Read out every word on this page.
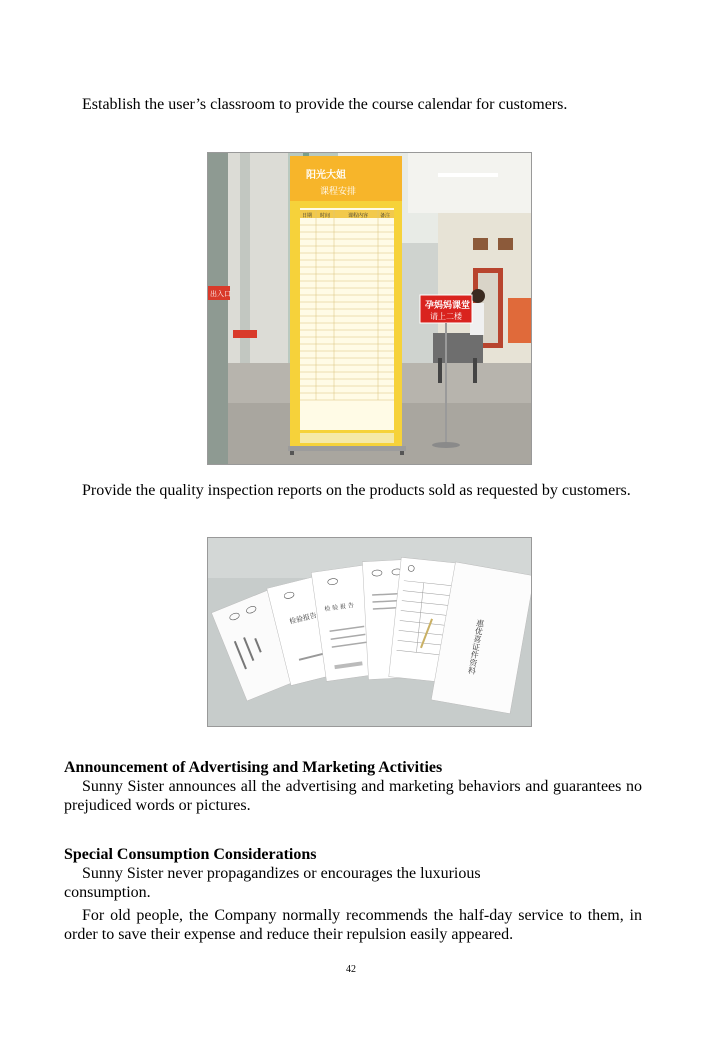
Establish the user’s classroom to provide the course calendar for customers.

出入口
孕妈妈课堂
请上二楼
阳光大姐
课程安排
日期 时间	课程内容 备注

Provide the quality inspection reports on the products sold as requested by customers.

检验报告
检 验 报 告
惠优喜证件资料
Announcement of Advertising and Marketing Activities

Sunny Sister announces all the advertising and marketing behaviors and guarantees no prejudiced words or pictures.

Special Consumption Considerations

Sunny Sister never propagandizes or encourages the luxurious consumption.

For old people, the Company normally recommends the half-day service to them, in order to save their expense and reduce their repulsion easily appeared.

42
